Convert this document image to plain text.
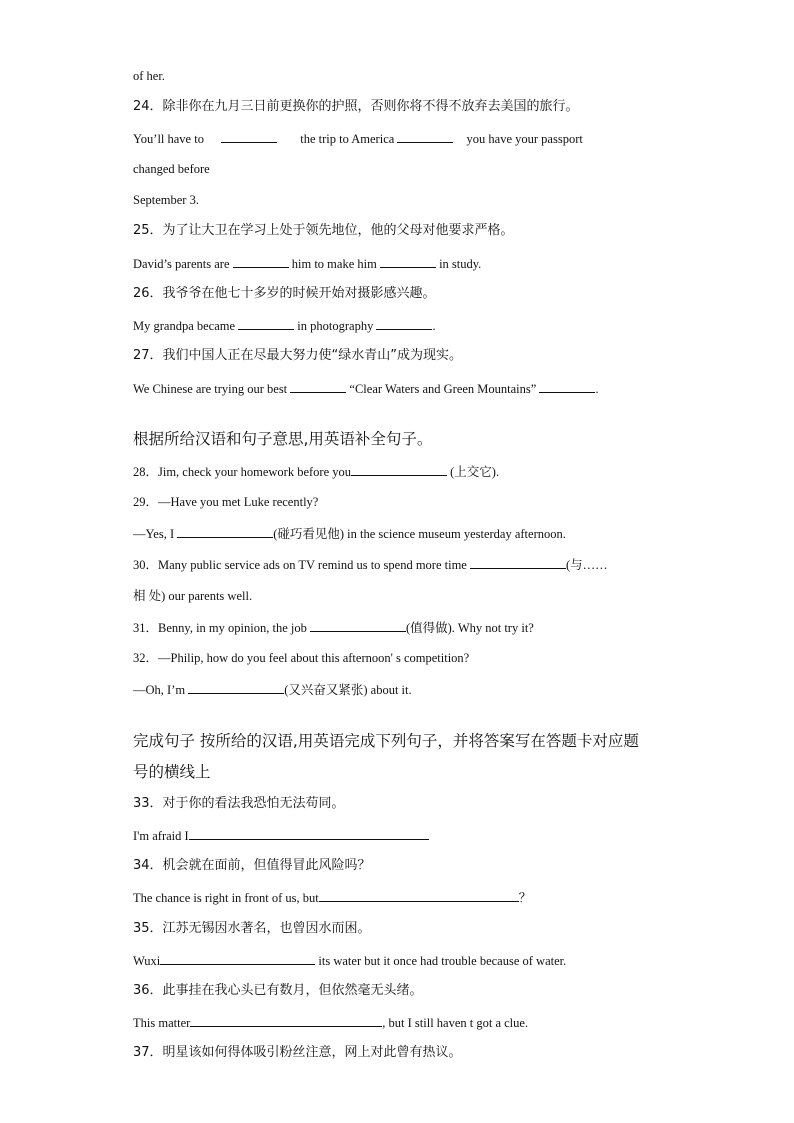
of her.
24．除非你在九月三日前更换你的护照，否则你将不得不放弃去美国的旅行。
You’ll have to	the trip to America	you have your passport
changed before
September 3.
25．为了让大卫在学习上处于领先地位，他的父母对他要求严格。
David’s parents are	him to make him	in study.
26．我爷爷在他七十多岁的时候开始对摄影感兴趣。
My grandpa became	in photography	.
27．我们中国人正在尽最大努力使“绿水青山”成为现实。
We Chinese are trying our best	“Clear Waters and Green Mountains”	.
根据所给汉语和句子意思,用英语补全句子。
28．Jim, check your homework before you	(上交它).
29．—Have you met Luke recently?
—Yes, I	(碰巧看见他) in the science museum yesterday afternoon.
30．Many public service ads on TV remind us to spend more time	(与……
相 处) our parents well.
31．Benny, in my opinion, the job	(值得做). Why not try it?
32．—Philip, how do you feel about this afternoon' s competition?
—Oh, I’m	(又兴奋又紧张) about it.
完成句子 按所给的汉语,用英语完成下列句子，并将答案写在答题卡对应题
号的横线上
33．对于你的看法我恐怕无法苟同。
I'm afraid I
34．机会就在面前，但值得冒此风险吗？
The chance is right in front of us, but	？
35．江苏无锡因水著名，也曾因水而困。
Wuxi	its water but it once had trouble because of water.
36．此事挂在我心头已有数月，但依然毫无头绪。
This matter	, but I still haven t got a clue.
37．明星该如何得体吸引粉丝注意，网上对此曾有热议。
